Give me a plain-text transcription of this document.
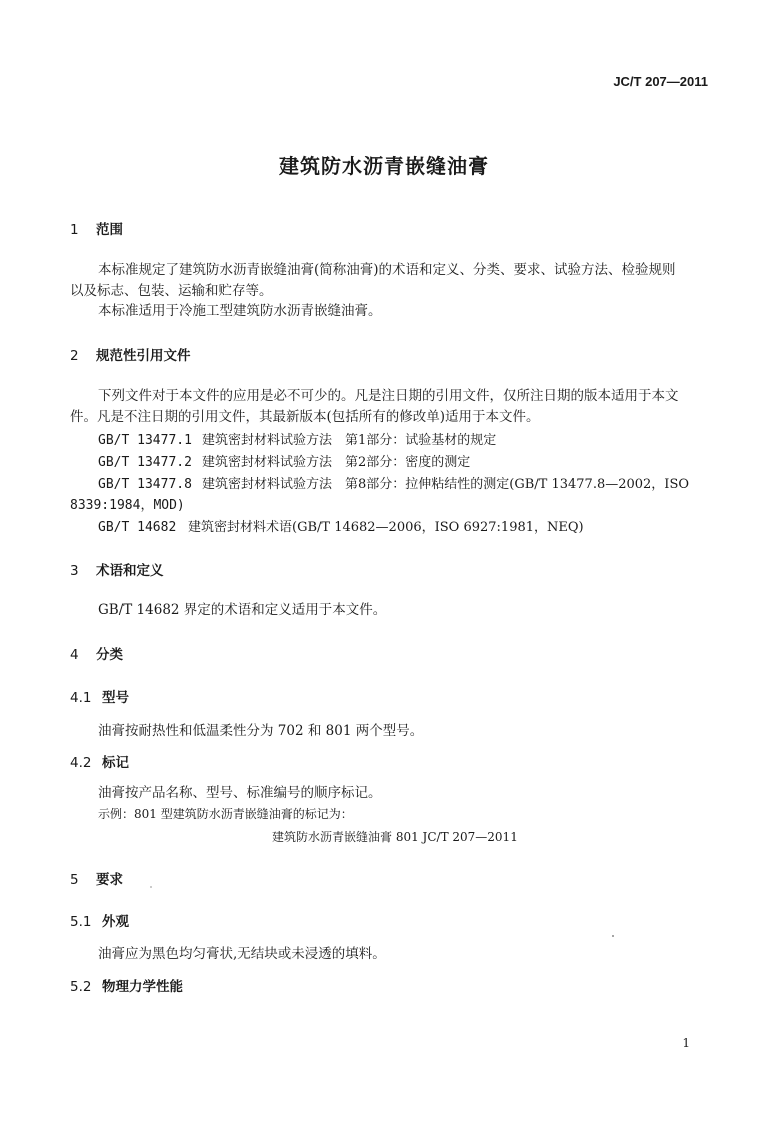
JC/T 207—2011
建筑防水沥青嵌缝油膏
1 范围
本标准规定了建筑防水沥青嵌缝油膏(简称油膏)的术语和定义、分类、要求、试验方法、检验规则
以及标志、包装、运输和贮存等。
本标准适用于冷施工型建筑防水沥青嵌缝油膏。
2 规范性引用文件
下列文件对于本文件的应用是必不可少的。凡是注日期的引用文件，仅所注日期的版本适用于本文
件。凡是不注日期的引用文件，其最新版本(包括所有的修改单)适用于本文件。
GB/T 13477.1 建筑密封材料试验方法　第1部分：试验基材的规定
GB/T 13477.2 建筑密封材料试验方法　第2部分：密度的测定
GB/T 13477.8 建筑密封材料试验方法　第8部分：拉伸粘结性的测定(GB/T 13477.8—2002，ISO
8339:1984，MOD)
GB/T 14682 建筑密封材料术语(GB/T 14682—2006，ISO 6927:1981，NEQ)
3 术语和定义
GB/T 14682 界定的术语和定义适用于本文件。
4 分类
4.1 型号
油膏按耐热性和低温柔性分为 702 和 801 两个型号。
4.2 标记
油膏按产品名称、型号、标准编号的顺序标记。
示例：801 型建筑防水沥青嵌缝油膏的标记为：
建筑防水沥青嵌缝油膏 801 JC/T 207—2011
5 要求
5.1 外观
油膏应为黑色均匀膏状,无结块或未浸透的填料。
5.2 物理力学性能
1
